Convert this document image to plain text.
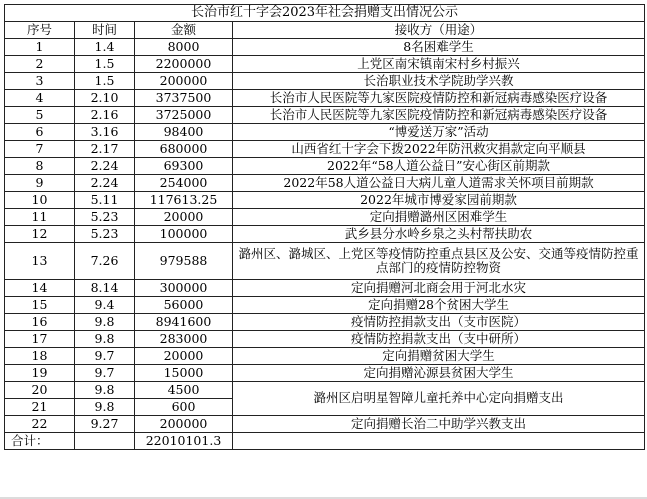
长治市红十字会2023年社会捐赠支出情况公示			
序号	时间	金额	接收方（用途）
1	1.4	8000	8名困难学生
2	1.5	2200000	上党区南宋镇南宋村乡村振兴
3	1.5	200000	长治职业技术学院助学兴教
4	2.10	3737500	长治市人民医院等九家医院疫情防控和新冠病毒感染医疗设备
5	2.16	3725000	长治市人民医院等九家医院疫情防控和新冠病毒感染医疗设备
6	3.16	98400	“博爱送万家”活动
7	2.17	680000	山西省红十字会下拨2022年防汛救灾捐款定向平顺县
8	2.24	69300	2022年“58人道公益日”安心街区前期款
9	2.24	254000	2022年58人道公益日大病儿童人道需求关怀项目前期款
10	5.11	117613.25	2022年城市博爱家园前期款
11	5.23	20000	定向捐赠潞州区困难学生
12	5.23	100000	武乡县分水岭乡泉之头村帮扶助农
13	7.26	979588	潞州区、潞城区、上党区等疫情防控重点县区及公安、交通等疫情防控重点部门的疫情防控物资
14	8.14	300000	定向捐赠河北商会用于河北水灾
15	9.4	56000	定向捐赠28个贫困大学生
16	9.8	8941600	疫情防控捐款支出（支市医院）
17	9.8	283000	疫情防控捐款支出（支中研所）
18	9.7	20000	定向捐赠贫困大学生
19	9.7	15000	定向捐赠沁源县贫困大学生
20	9.8	4500	潞州区启明星智障儿童托养中心定向捐赠支出
21	9.8	600	
22	9.27	200000	定向捐赠长治二中助学兴教支出
合计：		22010101.3	
